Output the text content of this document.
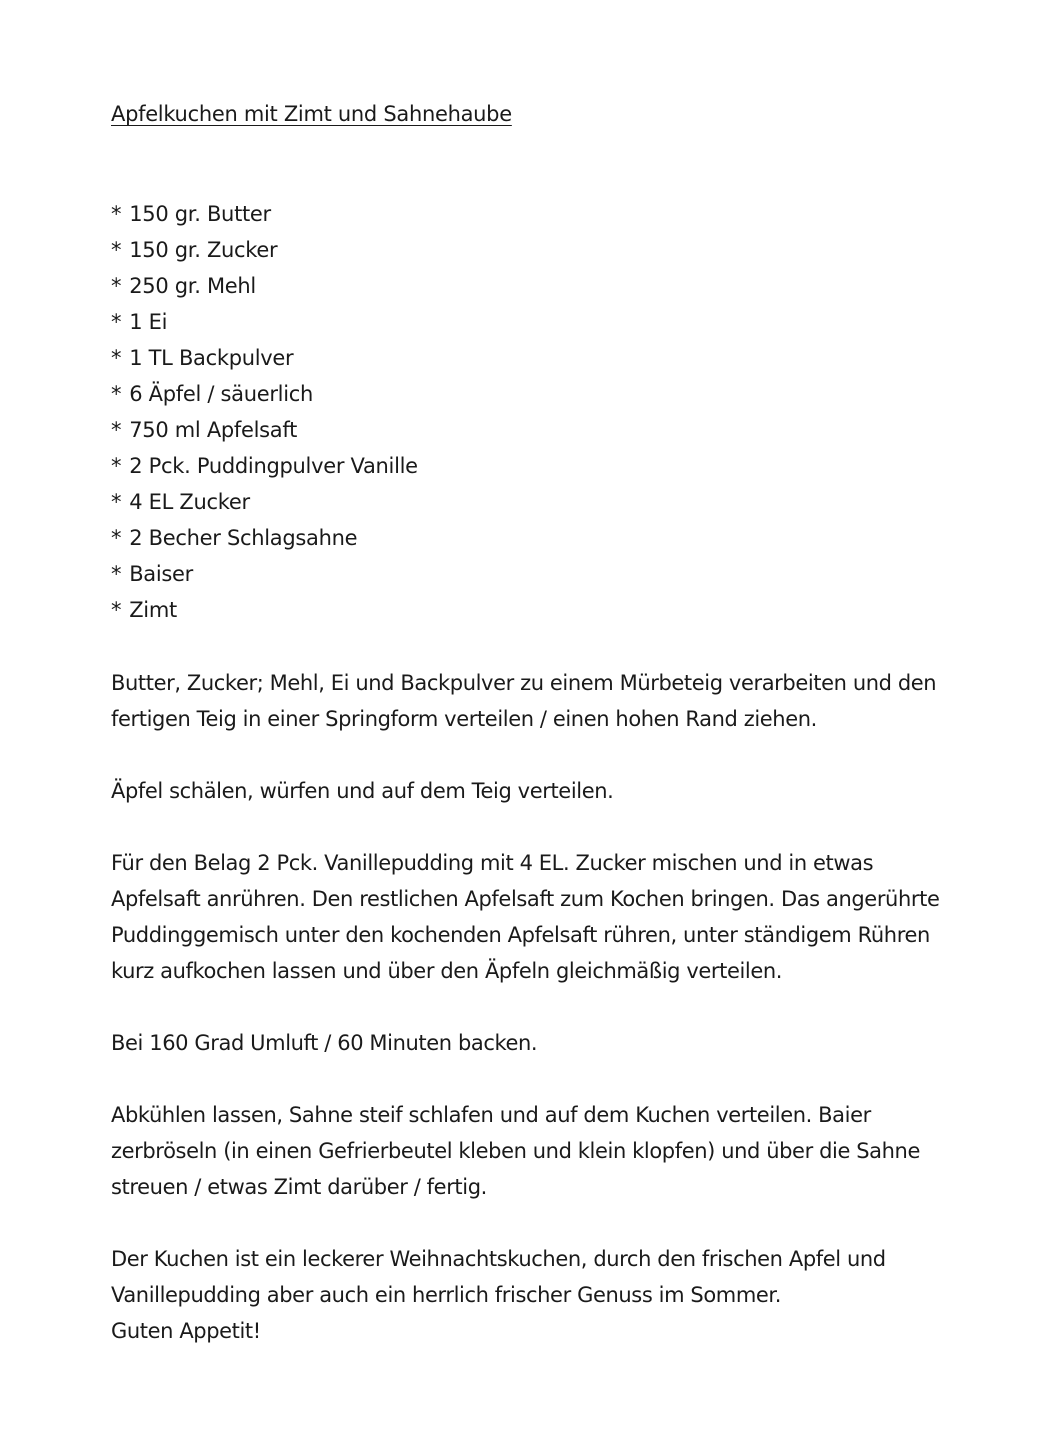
Apfelkuchen mit Zimt und Sahnehaube
* 150 gr. Butter
* 150 gr. Zucker
* 250 gr. Mehl
* 1 Ei
* 1 TL Backpulver
* 6 Äpfel / säuerlich
* 750 ml Apfelsaft
* 2 Pck. Puddingpulver Vanille
* 4 EL Zucker
* 2 Becher Schlagsahne
* Baiser
* Zimt

Butter, Zucker; Mehl, Ei und Backpulver zu einem Mürbeteig verarbeiten und den fertigen Teig in einer Springform verteilen / einen hohen Rand ziehen.

Äpfel schälen, würfen und auf dem Teig verteilen.

Für den Belag 2 Pck. Vanillepudding mit 4 EL. Zucker mischen und in etwas Apfelsaft anrühren. Den restlichen Apfelsaft zum Kochen bringen. Das angerührte Puddinggemisch unter den kochenden Apfelsaft rühren, unter ständigem Rühren kurz aufkochen lassen und über den Äpfeln gleichmäßig verteilen.

Bei 160 Grad Umluft / 60 Minuten backen.

Abkühlen lassen, Sahne steif schlafen und auf dem Kuchen verteilen. Baier zerbröseln (in einen Gefrierbeutel kleben und klein klopfen) und über die Sahne streuen / etwas Zimt darüber / fertig.

Der Kuchen ist ein leckerer Weihnachtskuchen, durch den frischen Apfel und Vanillepudding aber auch ein herrlich frischer Genuss im Sommer.

Guten Appetit!
